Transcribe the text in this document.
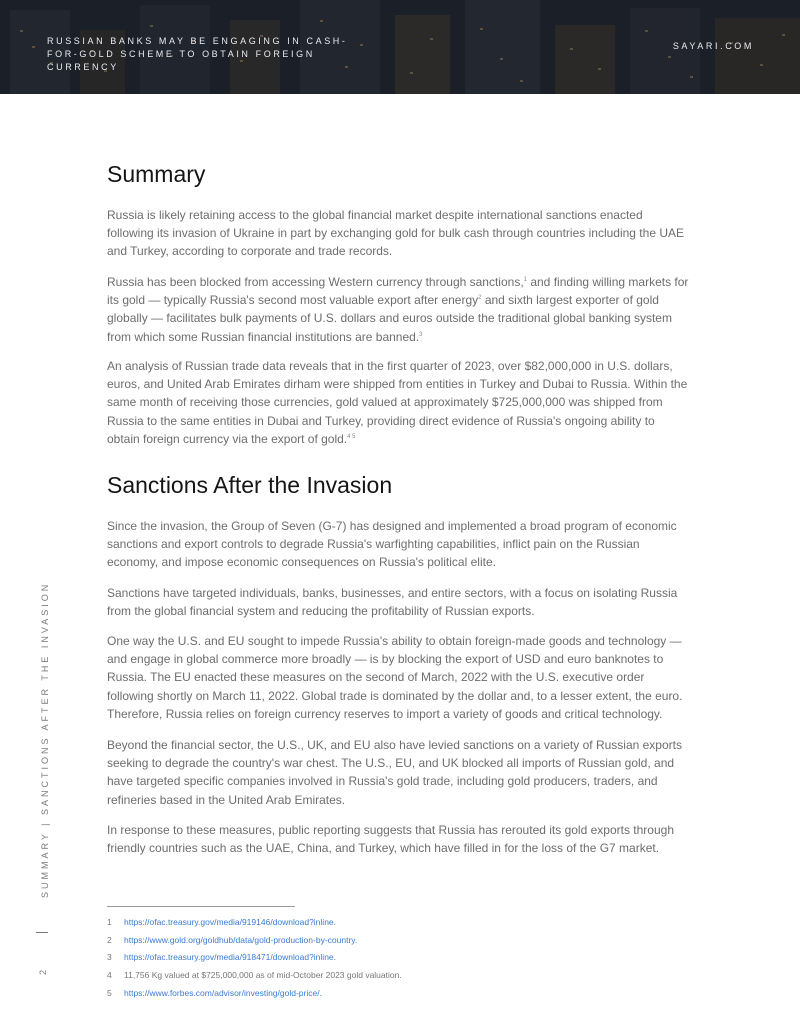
RUSSIAN BANKS MAY BE ENGAGING IN CASH-FOR-GOLD SCHEME TO OBTAIN FOREIGN CURRENCY
SAYARI.COM
Summary

Russia is likely retaining access to the global financial market despite international sanctions enacted following its invasion of Ukraine in part by exchanging gold for bulk cash through countries including the UAE and Turkey, according to corporate and trade records.

Russia has been blocked from accessing Western currency through sanctions,$^1$ and finding willing markets for its gold — typically Russia's second most valuable export after energy$^2$ and sixth largest exporter of gold globally — facilitates bulk payments of U.S. dollars and euros outside the traditional global banking system from which some Russian financial institutions are banned.$^3$

An analysis of Russian trade data reveals that in the first quarter of 2023, over $82,000,000 in U.S. dollars, euros, and United Arab Emirates dirham were shipped from entities in Turkey and Dubai to Russia. Within the same month of receiving those currencies, gold valued at approximately $725,000,000 was shipped from Russia to the same entities in Dubai and Turkey, providing direct evidence of Russia's ongoing ability to obtain foreign currency via the export of gold.$^{4 5}$

Sanctions After the Invasion

Since the invasion, the Group of Seven (G-7) has designed and implemented a broad program of economic sanctions and export controls to degrade Russia's warfighting capabilities, inflict pain on the Russian economy, and impose economic consequences on Russia's political elite.

Sanctions have targeted individuals, banks, businesses, and entire sectors, with a focus on isolating Russia from the global financial system and reducing the profitability of Russian exports.

One way the U.S. and EU sought to impede Russia's ability to obtain foreign-made goods and technology — and engage in global commerce more broadly — is by blocking the export of USD and euro banknotes to Russia. The EU enacted these measures on the second of March, 2022 with the U.S. executive order following shortly on March 11, 2022. Global trade is dominated by the dollar and, to a lesser extent, the euro. Therefore, Russia relies on foreign currency reserves to import a variety of goods and critical technology.

Beyond the financial sector, the U.S., UK, and EU also have levied sanctions on a variety of Russian exports seeking to degrade the country's war chest. The U.S., EU, and UK blocked all imports of Russian gold, and have targeted specific companies involved in Russia's gold trade, including gold producers, traders, and refineries based in the United Arab Emirates.

In response to these measures, public reporting suggests that Russia has rerouted its gold exports through friendly countries such as the UAE, China, and Turkey, which have filled in for the loss of the G7 market.

1 https://ofac.treasury.gov/media/919146/download?inline.
2 https://www.gold.org/goldhub/data/gold-production-by-country.
3 https://ofac.treasury.gov/media/918471/download?inline.
4 11,756 Kg valued at $725,000,000 as of mid-October 2023 gold valuation.
5 https://www.forbes.com/advisor/investing/gold-price/.
SUMMARY | SANCTIONS AFTER THE INVASION
2
